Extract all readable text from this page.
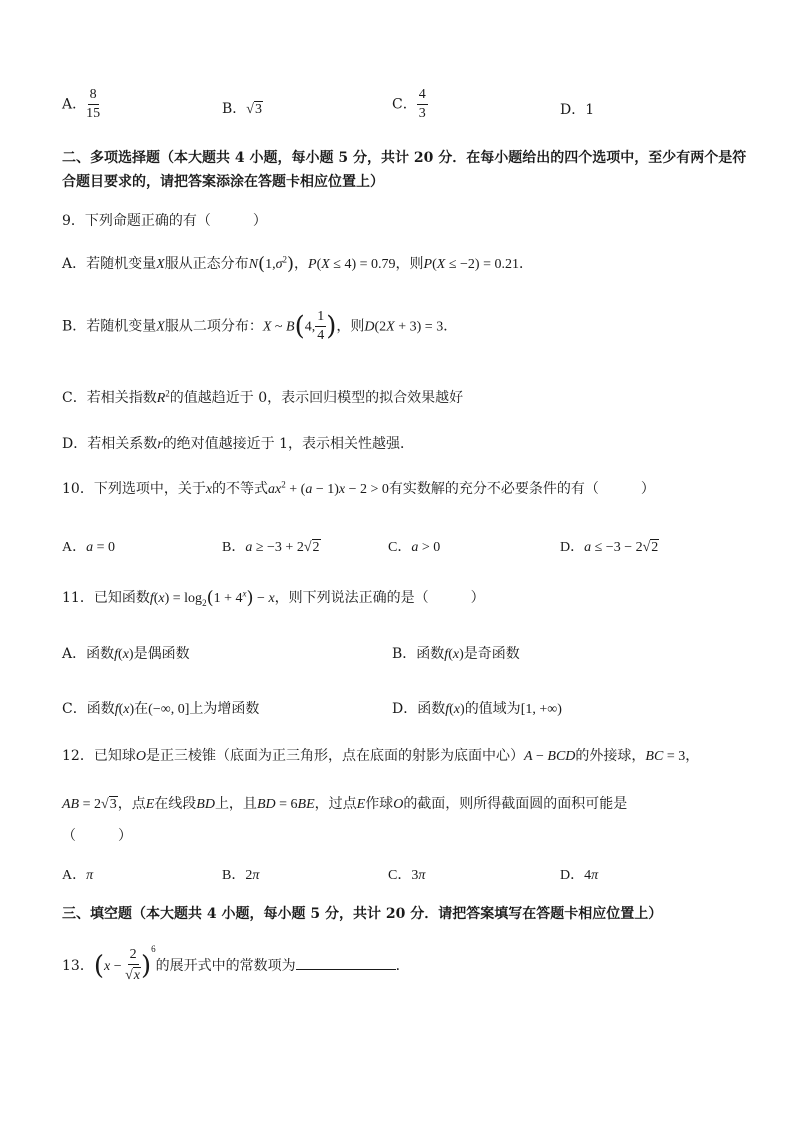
A． $\frac{8}{15}$	B．√3	C． $\frac{4}{3}$	D．1
二、多项选择题（本大题共 4 小题，每小题 5 分，共计 20 分．在每小题给出的四个选项中，至少有两个是符
合题目要求的，请把答案添涂在答题卡相应位置上）
9．下列命题正确的有（　　　）
A．若随机变量X服从正态分布$N(1,\sigma^2)$，P(X ≤ 4) = 0.79，则P(X ≤ −2) = 0.21．
B．若随机变量X服从二项分布：X ~ B(4, $\frac{1}{4}$ )，则D(2X + 3) = 3．
C．若相关指数$R^2$的值越趋近于 0，表示回归模型的拟合效果越好
D．若相关系数r的绝对值越接近于 1，表示相关性越强．
10．下列选项中，关于x的不等式$ax^2 + (a - 1)x - 2 > 0$有实数解的充分不必要条件的有（　　　）
A．a = 0	B．a ≥ −3 + 2√2	C．a > 0	D．a ≤ −3 − 2√2
11．已知函数$f(x) = \log_2(1 + 4^x) - x$，则下列说法正确的是（　　　）
A．函数f(x)是偶函数	B．函数f(x)是奇函数
C．函数f(x)在(−∞, 0]上为增函数	D．函数f(x)的值域为[1, +∞)
12．已知球O是正三棱锥（底面为正三角形，点在底面的射影为底面中心）A − BCD的外接球，BC = 3，
AB = 2√3，点E在线段BD上，且BD = 6BE，过点E作球O的截面，则所得截面圆的面积可能是
（　　　）
A．π	B．2π	C．3π	D．4π
三、填空题（本大题共 4 小题，每小题 5 分，共计 20 分．请把答案填写在答题卡相应位置上）
13．$(x - \frac{2}{√x} )^6$的展开式中的常数项为	．
